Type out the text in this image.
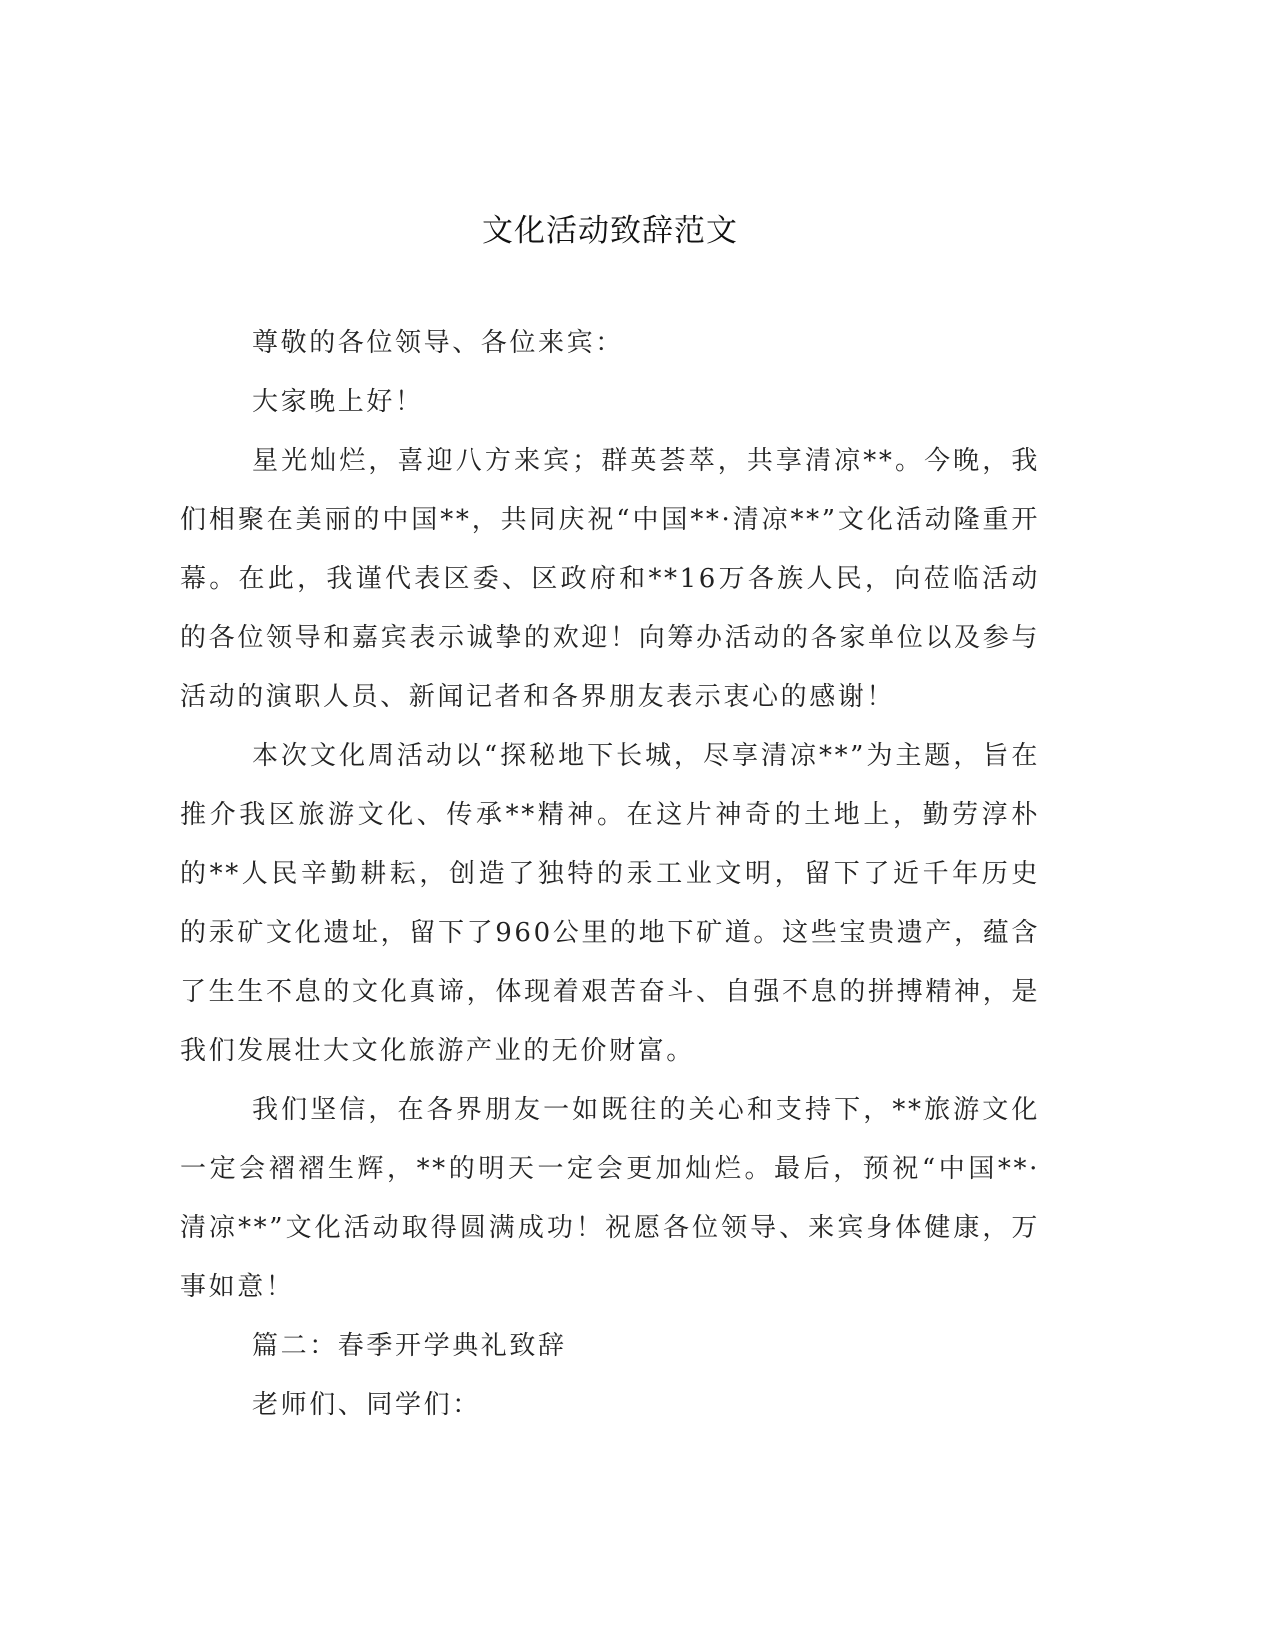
文化活动致辞范文

尊敬的各位领导、各位来宾：

大家晚上好！

星光灿烂，喜迎八方来宾；群英荟萃，共享清凉**。今晚，我们相聚在美丽的中国**，共同庆祝“中国**·清凉**”文化活动隆重开幕。在此，我谨代表区委、区政府和**16万各族人民，向莅临活动的各位领导和嘉宾表示诚挚的欢迎！向筹办活动的各家单位以及参与活动的演职人员、新闻记者和各界朋友表示衷心的感谢！

本次文化周活动以“探秘地下长城，尽享清凉**”为主题，旨在推介我区旅游文化、传承**精神。在这片神奇的土地上，勤劳淳朴的**人民辛勤耕耘，创造了独特的汞工业文明，留下了近千年历史的汞矿文化遗址，留下了960公里的地下矿道。这些宝贵遗产，蕴含了生生不息的文化真谛，体现着艰苦奋斗、自强不息的拼搏精神，是我们发展壮大文化旅游产业的无价财富。

我们坚信，在各界朋友一如既往的关心和支持下，**旅游文化一定会褶褶生辉，**的明天一定会更加灿烂。最后，预祝“中国**·清凉**”文化活动取得圆满成功！祝愿各位领导、来宾身体健康，万事如意！

篇二：春季开学典礼致辞

老师们、同学们：
